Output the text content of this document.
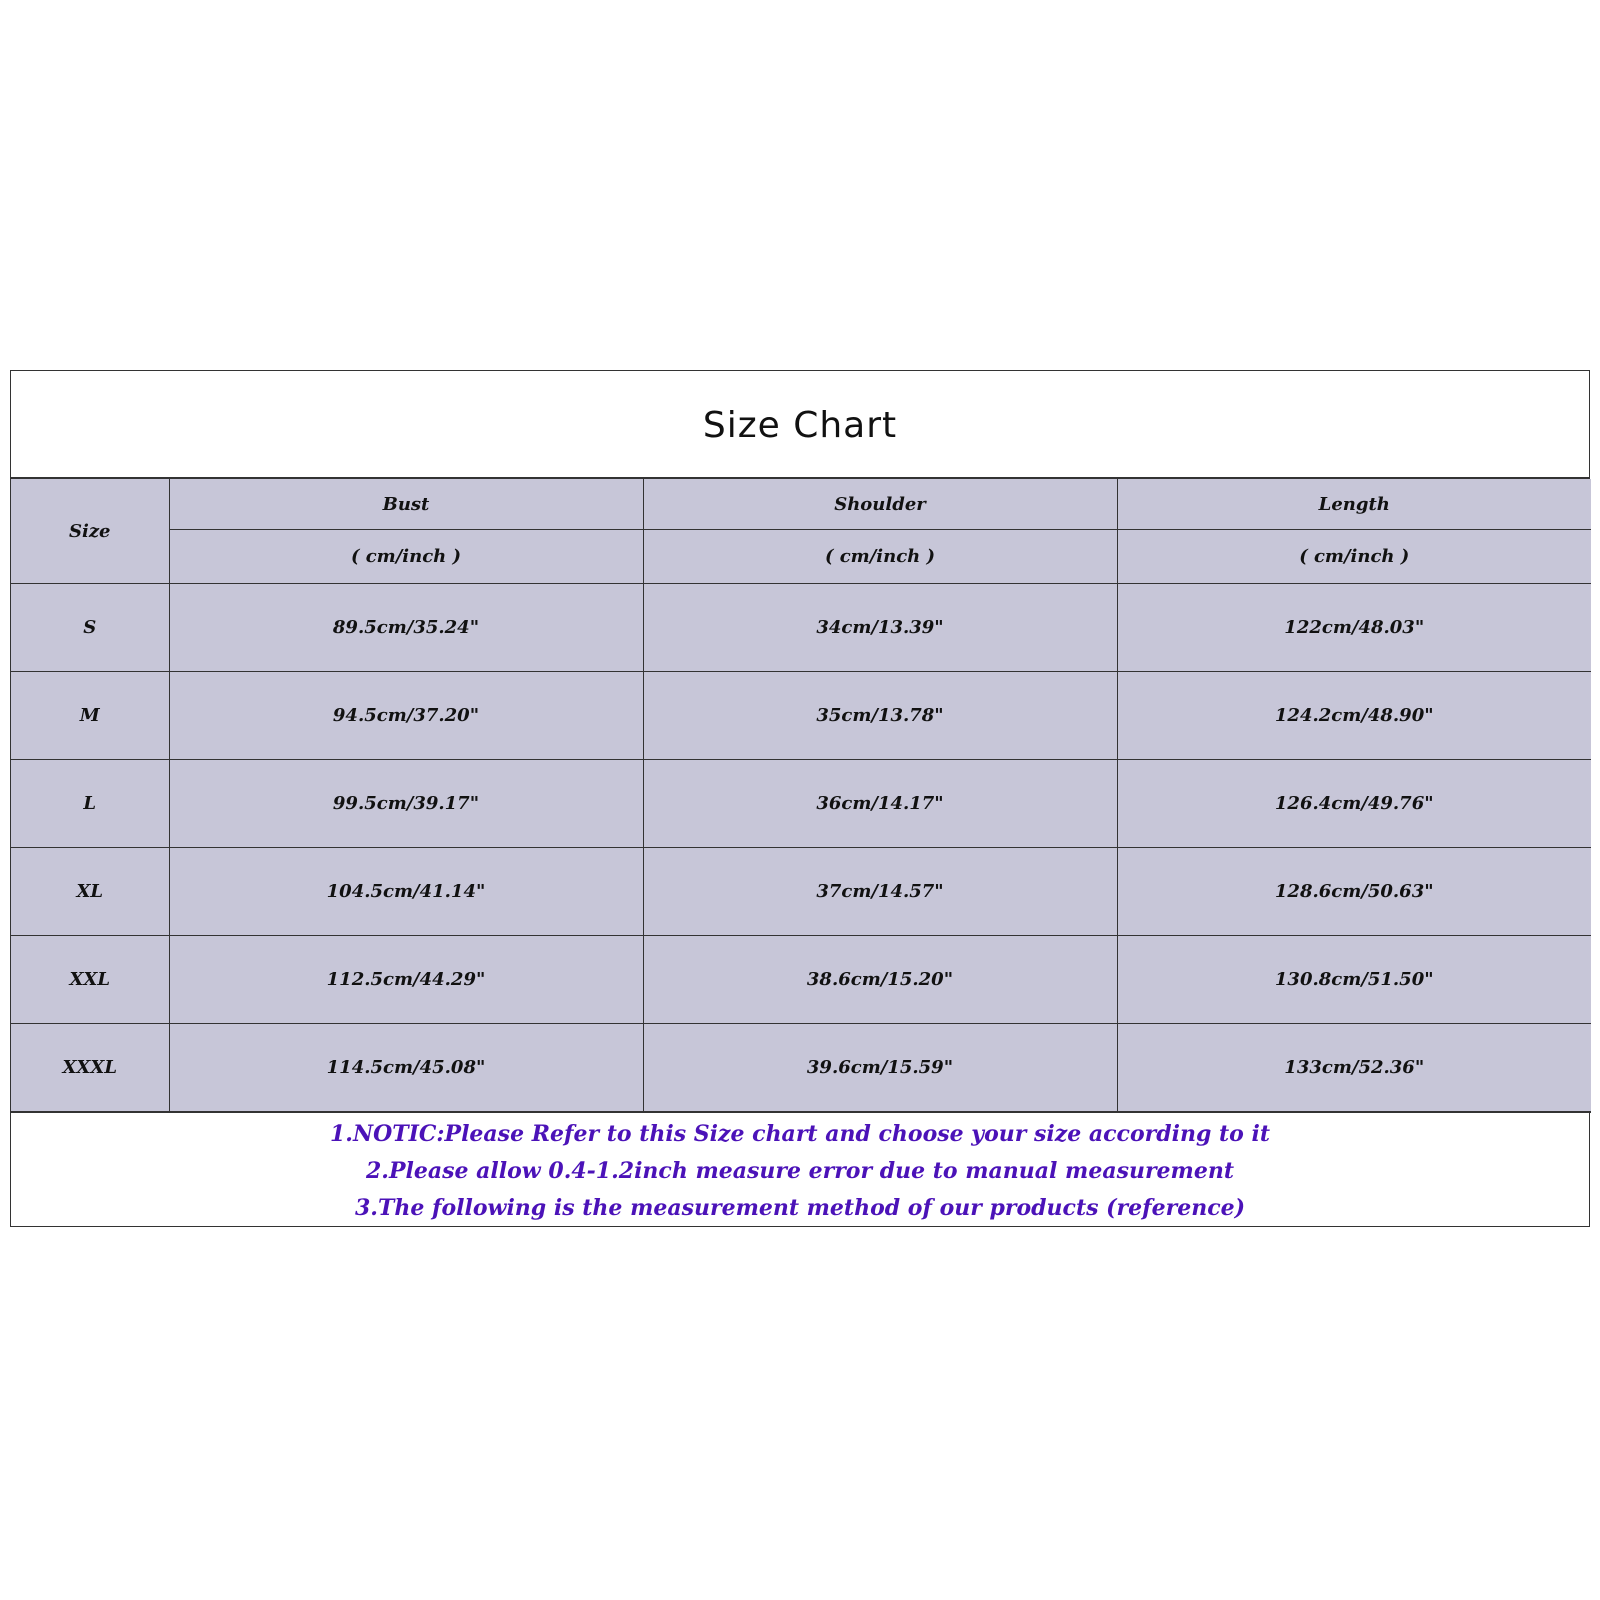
Size Chart
Size	Bust	Shoulder	Length
	( cm/inch )	( cm/inch )	( cm/inch )
S	89.5cm/35.24"	34cm/13.39"	122cm/48.03"
M	94.5cm/37.20"	35cm/13.78"	124.2cm/48.90"
L	99.5cm/39.17"	36cm/14.17"	126.4cm/49.76"
XL	104.5cm/41.14"	37cm/14.57"	128.6cm/50.63"
XXL	112.5cm/44.29"	38.6cm/15.20"	130.8cm/51.50"
XXXL	114.5cm/45.08"	39.6cm/15.59"	133cm/52.36"
1.NOTIC:Please Refer to this Size chart and choose your size according to it
2.Please allow 0.4-1.2inch measure error due to manual measurement
3.The following is the measurement method of our products (reference)
